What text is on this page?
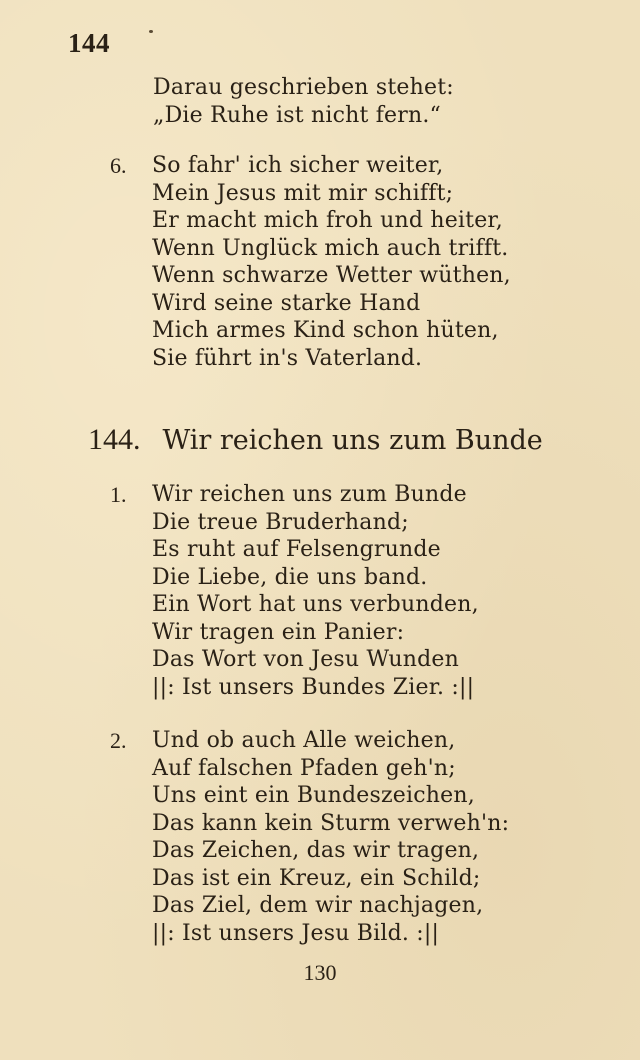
144
Darau geschrieben stehet:
„Die Ruhe ist nicht fern.“
6.	So fahr' ich sicher weiter,
Mein Jesus mit mir schifft;
Er macht mich froh und heiter,
Wenn Unglück mich auch trifft.
Wenn schwarze Wetter wüthen,
Wird seine starke Hand
Mich armes Kind schon hüten,
Sie führt in's Vaterland.
144. Wir reichen uns zum Bunde
1.	Wir reichen uns zum Bunde
Die treue Bruderhand;
Es ruht auf Felsengrunde
Die Liebe, die uns band.
Ein Wort hat uns verbunden,
Wir tragen ein Panier:
Das Wort von Jesu Wunden
||: Ist unsers Bundes Zier. :||
2.	Und ob auch Alle weichen,
Auf falschen Pfaden geh'n;
Uns eint ein Bundeszeichen,
Das kann kein Sturm verweh'n:
Das Zeichen, das wir tragen,
Das ist ein Kreuz, ein Schild;
Das Ziel, dem wir nachjagen,
||: Ist unsers Jesu Bild. :||
130
